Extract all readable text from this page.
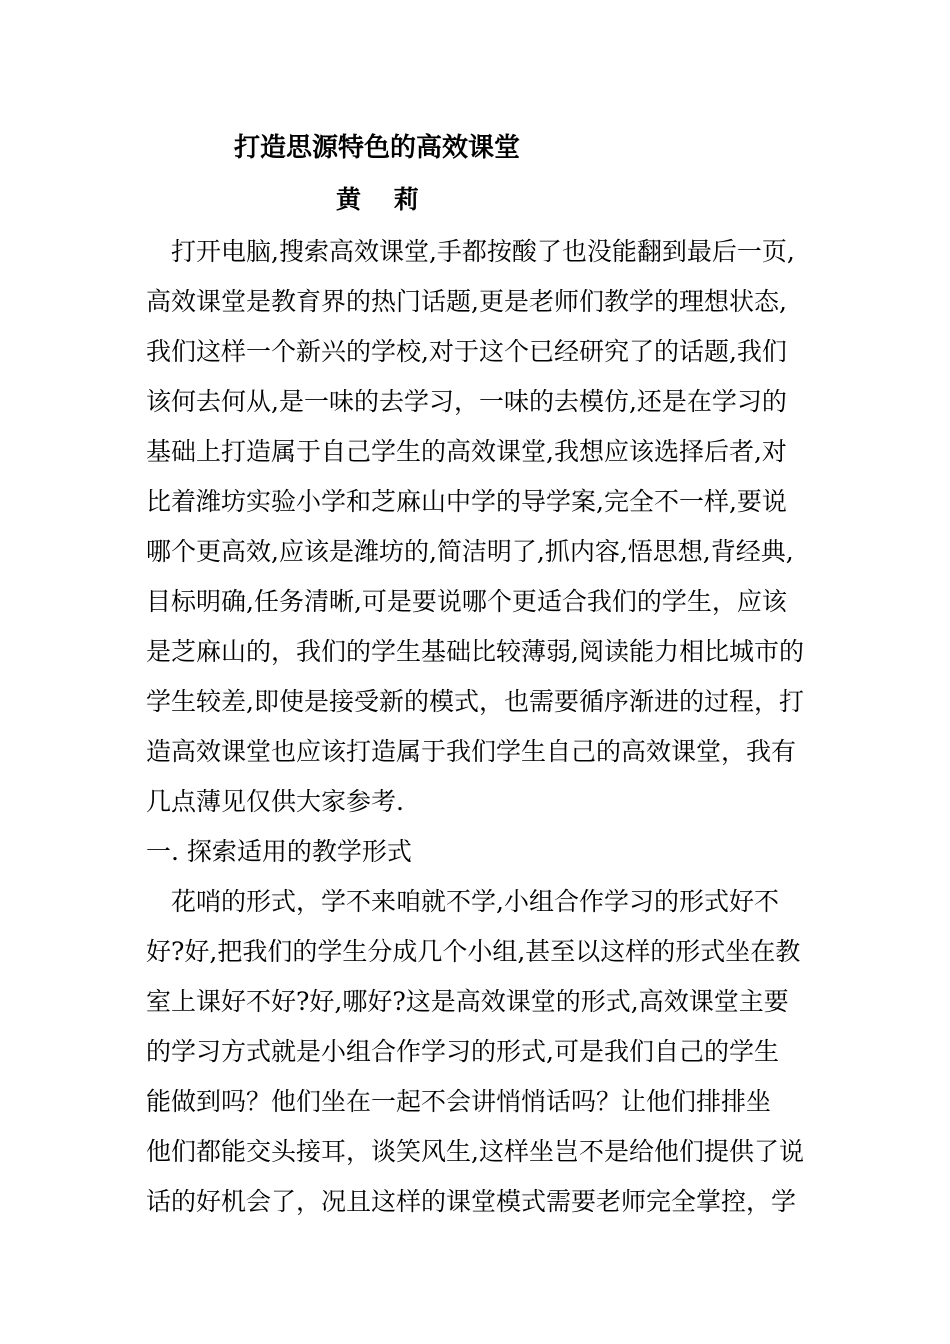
打造思源特色的高效课堂
黄 莉
　打开电脑,搜索高效课堂,手都按酸了也没能翻到最后一页,
高效课堂是教育界的热门话题,更是老师们教学的理想状态,
我们这样一个新兴的学校,对于这个已经研究了的话题,我们
该何去何从,是一味的去学习，一味的去模仿,还是在学习的
基础上打造属于自己学生的高效课堂,我想应该选择后者,对
比着潍坊实验小学和芝麻山中学的导学案,完全不一样,要说
哪个更高效,应该是潍坊的,简洁明了,抓内容,悟思想,背经典,
目标明确,任务清晰,可是要说哪个更适合我们的学生，应该
是芝麻山的，我们的学生基础比较薄弱,阅读能力相比城市的
学生较差,即使是接受新的模式，也需要循序渐进的过程，打
造高效课堂也应该打造属于我们学生自己的高效课堂，我有
几点薄见仅供大家参考.
一. 探索适用的教学形式
　花哨的形式，学不来咱就不学,小组合作学习的形式好不
好?好,把我们的学生分成几个小组,甚至以这样的形式坐在教
室上课好不好?好,哪好?这是高效课堂的形式,高效课堂主要
的学习方式就是小组合作学习的形式,可是我们自己的学生
能做到吗？他们坐在一起不会讲悄悄话吗？让他们排排坐
他们都能交头接耳，谈笑风生,这样坐岂不是给他们提供了说
话的好机会了，况且这样的课堂模式需要老师完全掌控，学
